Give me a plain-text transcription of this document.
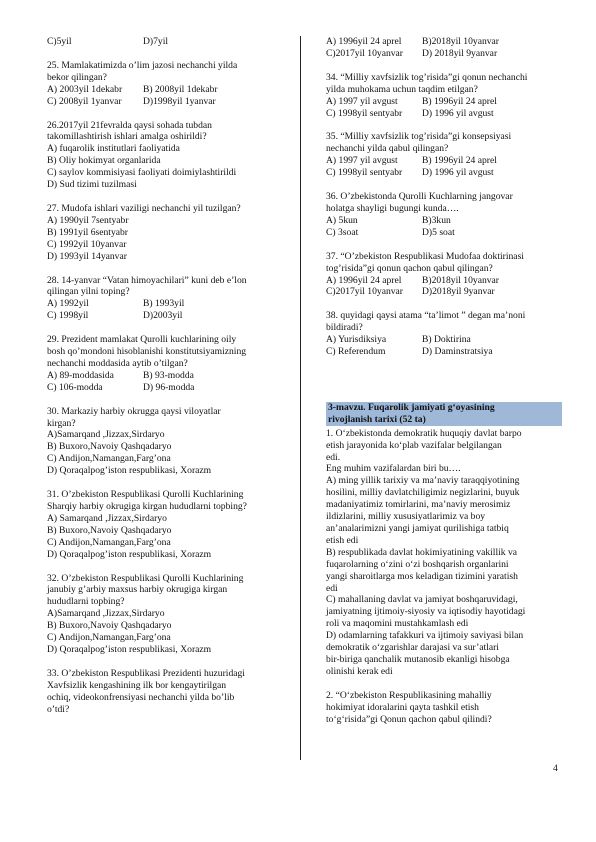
C)5yil	D)7yil
25. Mamlakatimizda o’lim jazosi nechanchi yilda
bekor qilingan?
A) 2003yil 1dekabr B) 2008yil 1dekabr
C) 2008yil 1yanvar D)1998yil 1yanvar
26.2017yil 21fevralda qaysi sohada tubdan
takomillashtirish ishlari amalga oshirildi?
A) fuqarolik institutlari faoliyatida
B) Oliy hokimyat organlarida
C) saylov kommisiyasi faoliyati doimiylashtirildi
D) Sud tizimi tuzilmasi
27. Mudofa ishlari vaziligi nechanchi yil tuzilgan?
A) 1990yil 7sentyabr
B) 1991yil 6sentyabr
C) 1992yil 10yanvar
D) 1993yil 14yanvar
28. 14-yanvar “Vatan himoyachilari” kuni deb e’lon
qilingan yilni toping?
A) 1992yil	B) 1993yil
C) 1998yil	D)2003yil
29. Prezident mamlakat Qurolli kuchlarining oily
bosh qo’mondoni hisoblanishi konstitutsiyamizning
nechanchi moddasida aytib o’tilgan?
A) 89-moddasida	B) 93-modda
C) 106-modda	D) 96-modda
30. Markaziy harbiy okrugga qaysi viloyatlar
kirgan?
A)Samarqand ,Jizzax,Sirdaryo
B) Buxoro,Navoiy Qashqadaryo
C) Andijon,Namangan,Farg’ona
D) Qoraqalpog’iston respublikasi, Xorazm
31. O’zbekiston Respublikasi Qurolli Kuchlarining
Sharqiy harbiy okrugiga kirgan hududlarni topbing?
A) Samarqand ,Jizzax,Sirdaryo
B) Buxoro,Navoiy Qashqadaryo
C) Andijon,Namangan,Farg’ona
D) Qoraqalpog’iston respublikasi, Xorazm
32. O’zbekiston Respublikasi Qurolli Kuchlarining
janubiy g’arbiy maxsus harbiy okrugiga kirgan
hududlarni topbing?
A)Samarqand ,Jizzax,Sirdaryo
B) Buxoro,Navoiy Qashqadaryo
C) Andijon,Namangan,Farg’ona
D) Qoraqalpog’iston respublikasi, Xorazm
33. O’zbekiston Respublikasi Prezidenti huzuridagi
Xavfsizlik kengashining ilk bor kengaytirilgan
ochiq, videokonfrensiyasi nechanchi yilda bo’lib
o’tdi?
A) 1996yil 24 aprel B)2018yil 10yanvar
C)2017yil 10yanvar D) 2018yil 9yanvar
34. “Milliy xavfsizlik tog’risida”gi qonun nechanchi
yilda muhokama uchun taqdim etilgan?
A) 1997 yil avgust	B) 1996yil 24 aprel
C) 1998yil sentyabr D) 1996 yil avgust
35. “Milliy xavfsizlik tog’risida”gi konsepsiyasi
nechanchi yilda qabul qilingan?
A) 1997 yil avgust	B) 1996yil 24 aprel
C) 1998yil sentyabr D) 1996 yil avgust
36. O’zbekistonda Qurolli Kuchlarning jangovar
holatga shayligi bugungi kunda….
A) 5kun	B)3kun
C) 3soat	D)5 soat
37. “O’zbekiston Respublikasi Mudofaa doktirinasi
tog’risida”gi qonun qachon qabul qilingan?
A) 1996yil 24 aprel B)2018yil 10yanvar
C)2017yil 10yanvar D)2018yil 9yanvar
38. quyidagi qaysi atama “ta’limot ” degan ma’noni
bildiradi?
A) Yurisdiksiya	B) Doktirina
C) Referendum	D) Daminstratsiya
3-mavzu. Fuqarolik jamiyati g‘oyasining
rivojlanish tarixi (52 ta)
1. O‘zbekistonda demokratik huquqiy davlat barpo
etish jarayonida ko‘plab vazifalar belgilangan
edi.
Eng muhim vazifalardan biri bu….
A) ming yillik tarixiy va ma’naviy taraqqiyotining
hosilini, milliy davlatchiligimiz negizlarini, buyuk
madaniyatimiz tomirlarini, ma’naviy merosimiz
ildizlarini, milliy xususiyatlarimiz va boy
an’analarimizni yangi jamiyat qurilishiga tatbiq
etish edi
B) respublikada davlat hokimiyatining vakillik va
fuqarolarning o‘zini o‘zi boshqarish organlarini
yangi sharoitlarga mos keladigan tizimini yaratish
edi
C) mahallaning davlat va jamiyat boshqaruvidagi,
jamiyatning ijtimoiy-siyosiy va iqtisodiy hayotidagi
roli va maqomini mustahkamlash edi
D) odamlarning tafakkuri va ijtimoiy saviyasi bilan
demokratik o‘zgarishlar darajasi va sur’atlari
bir-biriga qanchalik mutanosib ekanligi hisobga
olinishi kerak edi
2. “O‘zbekiston Respublikasining mahalliy
hokimiyat idoralarini qayta tashkil etish
to‘g‘risida”gi Qonun qachon qabul qilindi?
4
